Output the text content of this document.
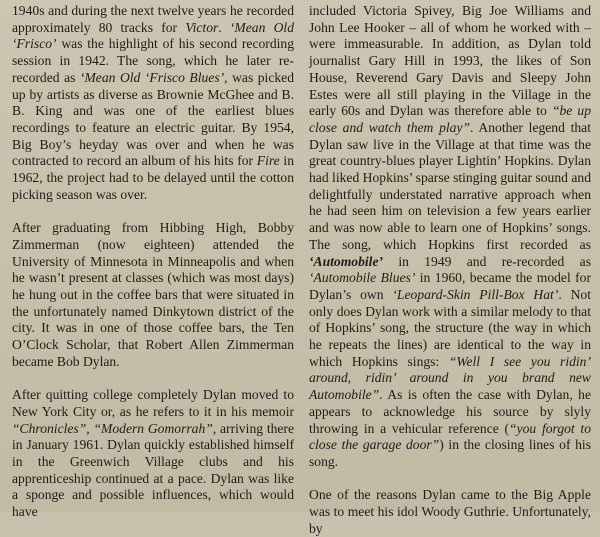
1940s and during the next twelve years he recorded approximately 80 tracks for Victor. ‘Mean Old ‘Frisco’ was the highlight of his second recording session in 1942. The song, which he later re-recorded as ‘Mean Old ‘Frisco Blues’, was picked up by artists as diverse as Brownie McGhee and B. B. King and was one of the earliest blues recordings to feature an electric guitar. By 1954, Big Boy’s heyday was over and when he was contracted to record an album of his hits for Fire in 1962, the project had to be delayed until the cotton picking season was over.

After graduating from Hibbing High, Bobby Zimmerman (now eighteen) attended the University of Minnesota in Minneapolis and when he wasn’t present at classes (which was most days) he hung out in the coffee bars that were situated in the unfortunately named Dinkytown district of the city. It was in one of those coffee bars, the Ten O’Clock Scholar, that Robert Allen Zimmerman became Bob Dylan.

After quitting college completely Dylan moved to New York City or, as he refers to it in his memoir “Chronicles”, “Modern Gomorrah”, arriving there in January 1961. Dylan quickly established himself in the Greenwich Village clubs and his apprenticeship continued at a pace. Dylan was like a sponge and possible influences, which would have

included Victoria Spivey, Big Joe Williams and John Lee Hooker – all of whom he worked with – were immeasurable. In addition, as Dylan told journalist Gary Hill in 1993, the likes of Son House, Reverend Gary Davis and Sleepy John Estes were all still playing in the Village in the early 60s and Dylan was therefore able to “be up close and watch them play”. Another legend that Dylan saw live in the Village at that time was the great country-blues player Lightin’ Hopkins. Dylan had liked Hopkins’ sparse stinging guitar sound and delightfully understated narrative approach when he had seen him on television a few years earlier and was now able to learn one of Hopkins’ songs. The song, which Hopkins first recorded as ‘Automobile’ in 1949 and re-recorded as ‘Automobile Blues’ in 1960, became the model for Dylan’s own ‘Leopard-Skin Pill-Box Hat’. Not only does Dylan work with a similar melody to that of Hopkins’ song, the structure (the way in which he repeats the lines) are identical to the way in which Hopkins sings: “Well I see you ridin’ around, ridin’ around in you brand new Automobile”. As is often the case with Dylan, he appears to acknowledge his source by slyly throwing in a vehicular reference (“you forgot to close the garage door”) in the closing lines of his song.

One of the reasons Dylan came to the Big Apple was to meet his idol Woody Guthrie. Unfortunately, by
